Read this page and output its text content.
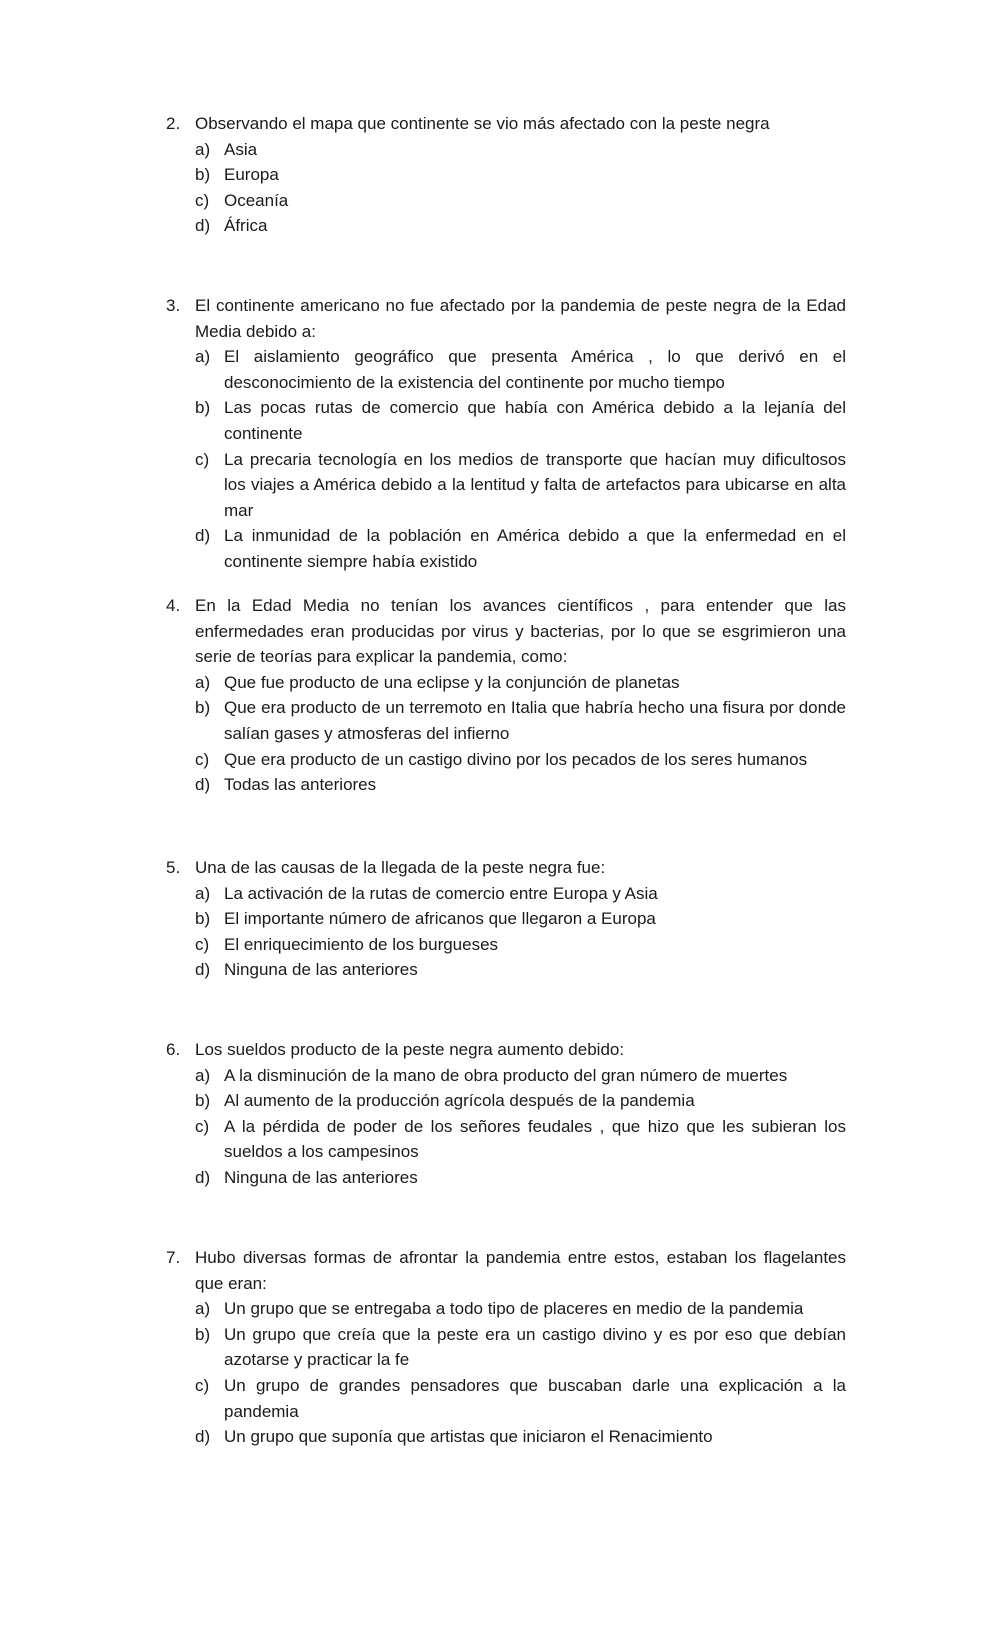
2. Observando el mapa que continente se vio más afectado con la peste negra
a) Asia
b) Europa
c) Oceanía
d) África
3. El continente americano no fue afectado por la pandemia de peste negra de la Edad Media debido a:
a) El aislamiento geográfico que presenta América , lo que derivó en el desconocimiento de la existencia del continente por mucho tiempo
b) Las pocas rutas de comercio que había con América debido a la lejanía del continente
c) La precaria tecnología en los medios de transporte que hacían muy dificultosos los viajes a América debido a la lentitud y falta de artefactos para ubicarse en alta mar
d) La inmunidad de la población en América debido a que la enfermedad en el continente siempre había existido
4. En la Edad Media no tenían los avances científicos , para entender que las enfermedades eran producidas por virus y bacterias, por lo que se esgrimieron una serie de teorías para explicar la pandemia, como:
a) Que fue producto de una eclipse y la conjunción de planetas
b) Que era producto de un terremoto en Italia que habría hecho una fisura por donde salían gases y atmosferas del infierno
c) Que era producto de un castigo divino por los pecados de los seres humanos
d) Todas las anteriores
5. Una de las causas de la llegada de la peste negra fue:
a) La activación de la rutas de comercio entre Europa y Asia
b) El importante número de africanos que llegaron a Europa
c) El enriquecimiento de los burgueses
d) Ninguna de las anteriores
6. Los sueldos producto de la peste negra aumento debido:
a) A la disminución de la mano de obra producto del gran número de muertes
b) Al aumento de la producción agrícola después de la pandemia
c) A la pérdida de poder de los señores feudales , que hizo que les subieran los sueldos a los campesinos
d) Ninguna de las anteriores
7. Hubo diversas formas de afrontar la pandemia entre estos, estaban los flagelantes que eran:
a) Un grupo que se entregaba a todo tipo de placeres en medio de la pandemia
b) Un grupo que creía que la peste era un castigo divino y es por eso que debían azotarse y practicar la fe
c) Un grupo de grandes pensadores que buscaban darle una explicación a la pandemia
d) Un grupo que suponía que artistas que iniciaron el Renacimiento
